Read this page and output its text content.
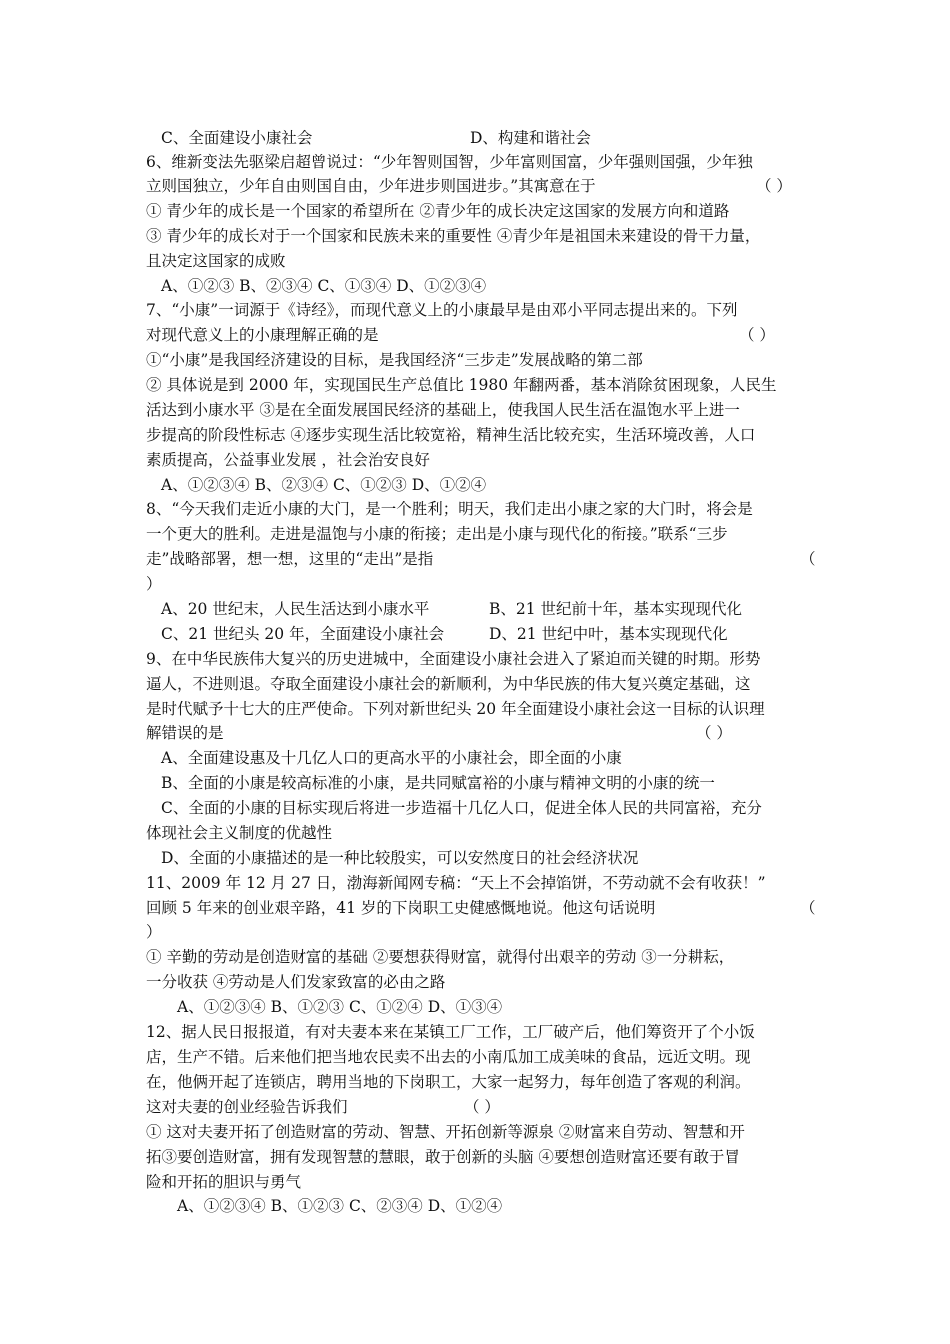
C、全面建设小康社会	D、构建和谐社会
6、维新变法先驱梁启超曾说过：“少年智则国智，少年富则国富，少年强则国强，少年独
立则国独立，少年自由则国自由，少年进步则国进步。”其寓意在于	（ ）
① 青少年的成长是一个国家的希望所在 ②青少年的成长决定这国家的发展方向和道路
③ 青少年的成长对于一个国家和民族未来的重要性 ④青少年是祖国未来建设的骨干力量，
且决定这国家的成败
A、①②③ B、②③④ C、①③④ D、①②③④
7、“小康”一词源于《诗经》，而现代意义上的小康最早是由邓小平同志提出来的。下列
对现代意义上的小康理解正确的是	（ ）
①“小康”是我国经济建设的目标，是我国经济“三步走”发展战略的第二部
② 具体说是到 2000 年，实现国民生产总值比 1980 年翻两番，基本消除贫困现象，人民生
活达到小康水平 ③是在全面发展国民经济的基础上，使我国人民生活在温饱水平上进一
步提高的阶段性标志 ④逐步实现生活比较宽裕，精神生活比较充实，生活环境改善，人口
素质提高，公益事业发展 ，社会治安良好
A、①②③④ B、②③④ C、①②③ D、①②④
8、“今天我们走近小康的大门，是一个胜利；明天，我们走出小康之家的大门时，将会是
一个更大的胜利。走进是温饱与小康的衔接；走出是小康与现代化的衔接。”联系“三步
走”战略部署，想一想，这里的“走出”是指	（
）
A、20 世纪末，人民生活达到小康水平	B、21 世纪前十年，基本实现现代化
C、21 世纪头 20 年，全面建设小康社会	D、21 世纪中叶，基本实现现代化
9、在中华民族伟大复兴的历史进城中，全面建设小康社会进入了紧迫而关键的时期。形势
逼人，不进则退。夺取全面建设小康社会的新顺利，为中华民族的伟大复兴奠定基础，这
是时代赋予十七大的庄严使命。下列对新世纪头 20 年全面建设小康社会这一目标的认识理
解错误的是	（ ）
A、全面建设惠及十几亿人口的更高水平的小康社会，即全面的小康
B、全面的小康是较高标准的小康，是共同赋富裕的小康与精神文明的小康的统一
C、全面的小康的目标实现后将进一步造福十几亿人口，促进全体人民的共同富裕，充分
体现社会主义制度的优越性
D、全面的小康描述的是一种比较殷实，可以安然度日的社会经济状况
11、2009 年 12 月 27 日，渤海新闻网专稿：“天上不会掉馅饼，不劳动就不会有收获！”
回顾 5 年来的创业艰辛路，41 岁的下岗职工史健感慨地说。他这句话说明	（
）
① 辛勤的劳动是创造财富的基础 ②要想获得财富，就得付出艰辛的劳动 ③一分耕耘，
一分收获 ④劳动是人们发家致富的必由之路
A、①②③④ B、①②③ C、①②④ D、①③④
12、据人民日报报道，有对夫妻本来在某镇工厂工作，工厂破产后，他们筹资开了个小饭
店，生产不错。后来他们把当地农民卖不出去的小南瓜加工成美味的食品，远近文明。现
在，他俩开起了连锁店，聘用当地的下岗职工，大家一起努力，每年创造了客观的利润。
这对夫妻的创业经验告诉我们	（ ）
① 这对夫妻开拓了创造财富的劳动、智慧、开拓创新等源泉 ②财富来自劳动、智慧和开
拓③要创造财富，拥有发现智慧的慧眼，敢于创新的头脑 ④要想创造财富还要有敢于冒
险和开拓的胆识与勇气
A、①②③④ B、①②③ C、②③④ D、①②④
